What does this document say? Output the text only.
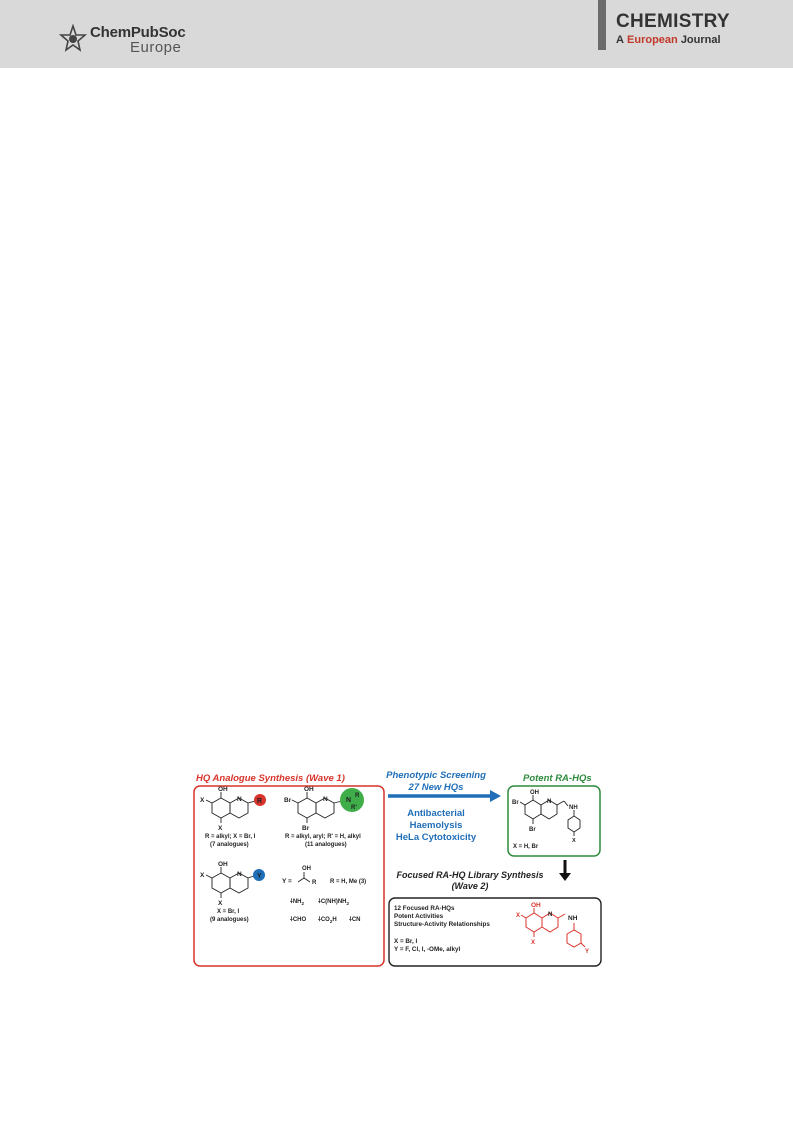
ChemPubSoc
Europe
CHEMISTRY
A European Journal
HQ Analogue Synthesis (Wave 1)
R
OH
N
X
X
R = alkyl; X = Br, I
(7 analogues)
N
R
R'
OH
N
Br
Br
R = alkyl, aryl; R' = H, alkyl
(11 analogues)
Y
OH
N
X
X
X = Br, I
(9 analogues)
Y =
OH
R R = H, Me (3)
$⸸NH_2$ $⸸C(NH)NH_2$
⸸CHO $⸸CO_2H$ ⸸CN
Phenotypic Screening
27 New HQs
Antibacterial
Haemolysis
HeLa Cytotoxicity
Potent RA-HQs
OH
N
Br
Br
NH
X
X = H, Br
Focused RA-HQ Library Synthesis
(Wave 2)
12 Focused RA-HQs
Potent Activities
Structure-Activity Relationships
X = Br, I
Y = F, Cl, I, -OMe, alkyl
OH
N
X
X
NH
Y
